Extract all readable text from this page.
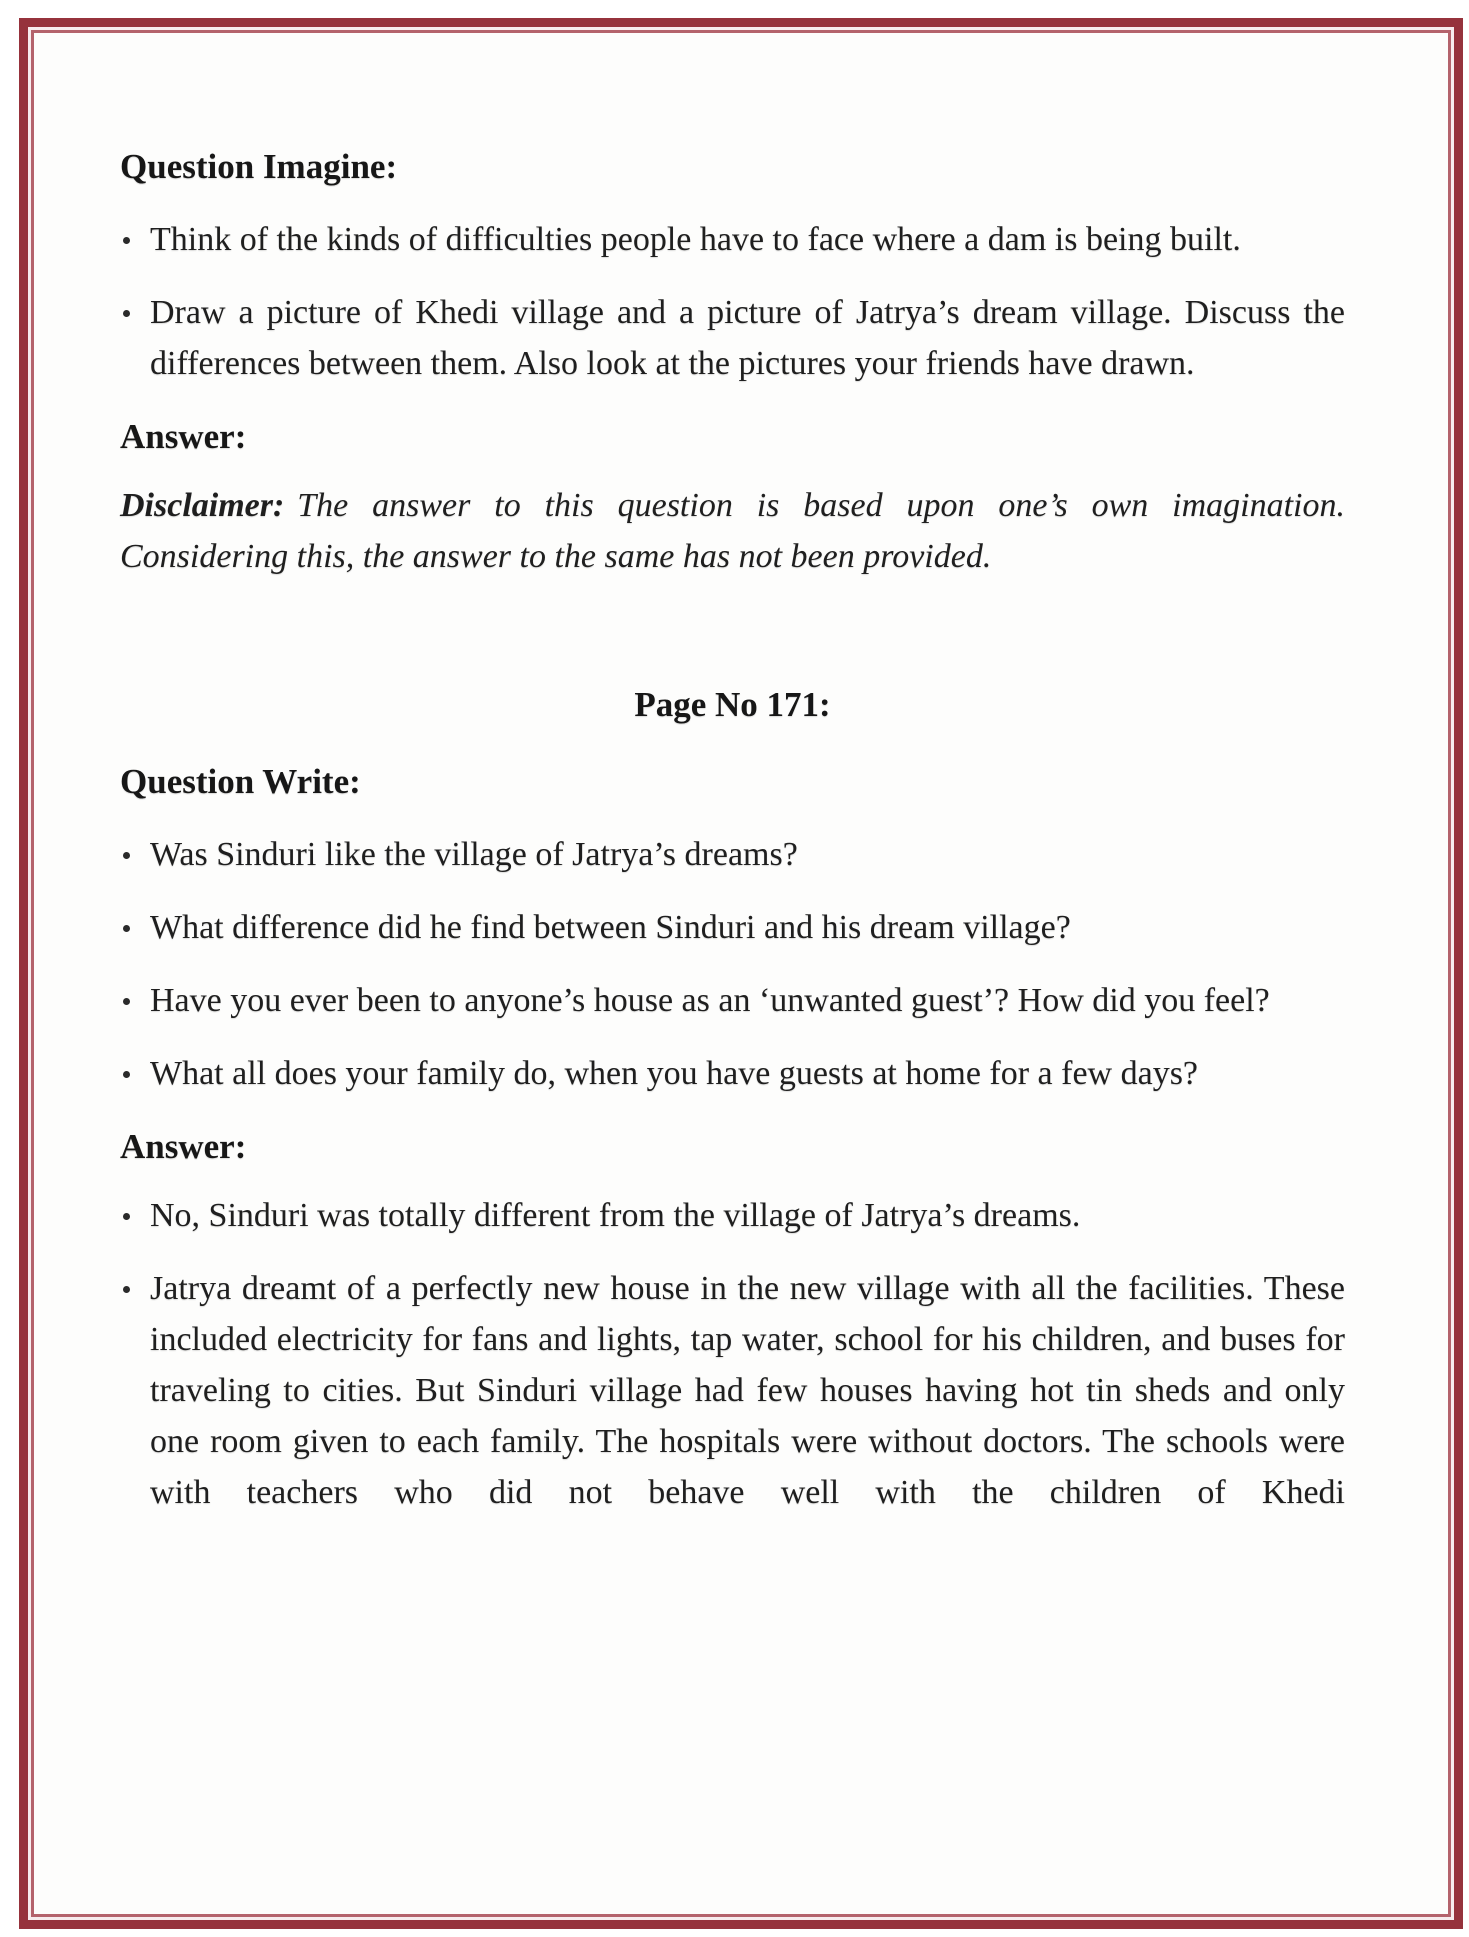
Question Imagine:
Think of the kinds of difficulties people have to face where a dam is being built.
Draw a picture of Khedi village and a picture of Jatrya’s dream village. Discuss the differences between them. Also look at the pictures your friends have drawn.
Answer:

Disclaimer: The answer to this question is based upon one’s own imagination. Considering this, the answer to the same has not been provided.

Page No 171:
Question Write:
Was Sinduri like the village of Jatrya’s dreams?
What difference did he find between Sinduri and his dream village?
Have you ever been to anyone’s house as an ‘unwanted guest’? How did you feel?
What all does your family do, when you have guests at home for a few days?
Answer:
No, Sinduri was totally different from the village of Jatrya’s dreams.
Jatrya dreamt of a perfectly new house in the new village with all the facilities. These included electricity for fans and lights, tap water, school for his children, and buses for traveling to cities. But Sinduri village had few houses having hot tin sheds and only one room given to each family. The hospitals were without doctors. The schools were with teachers who did not behave well with the children of Khedi
